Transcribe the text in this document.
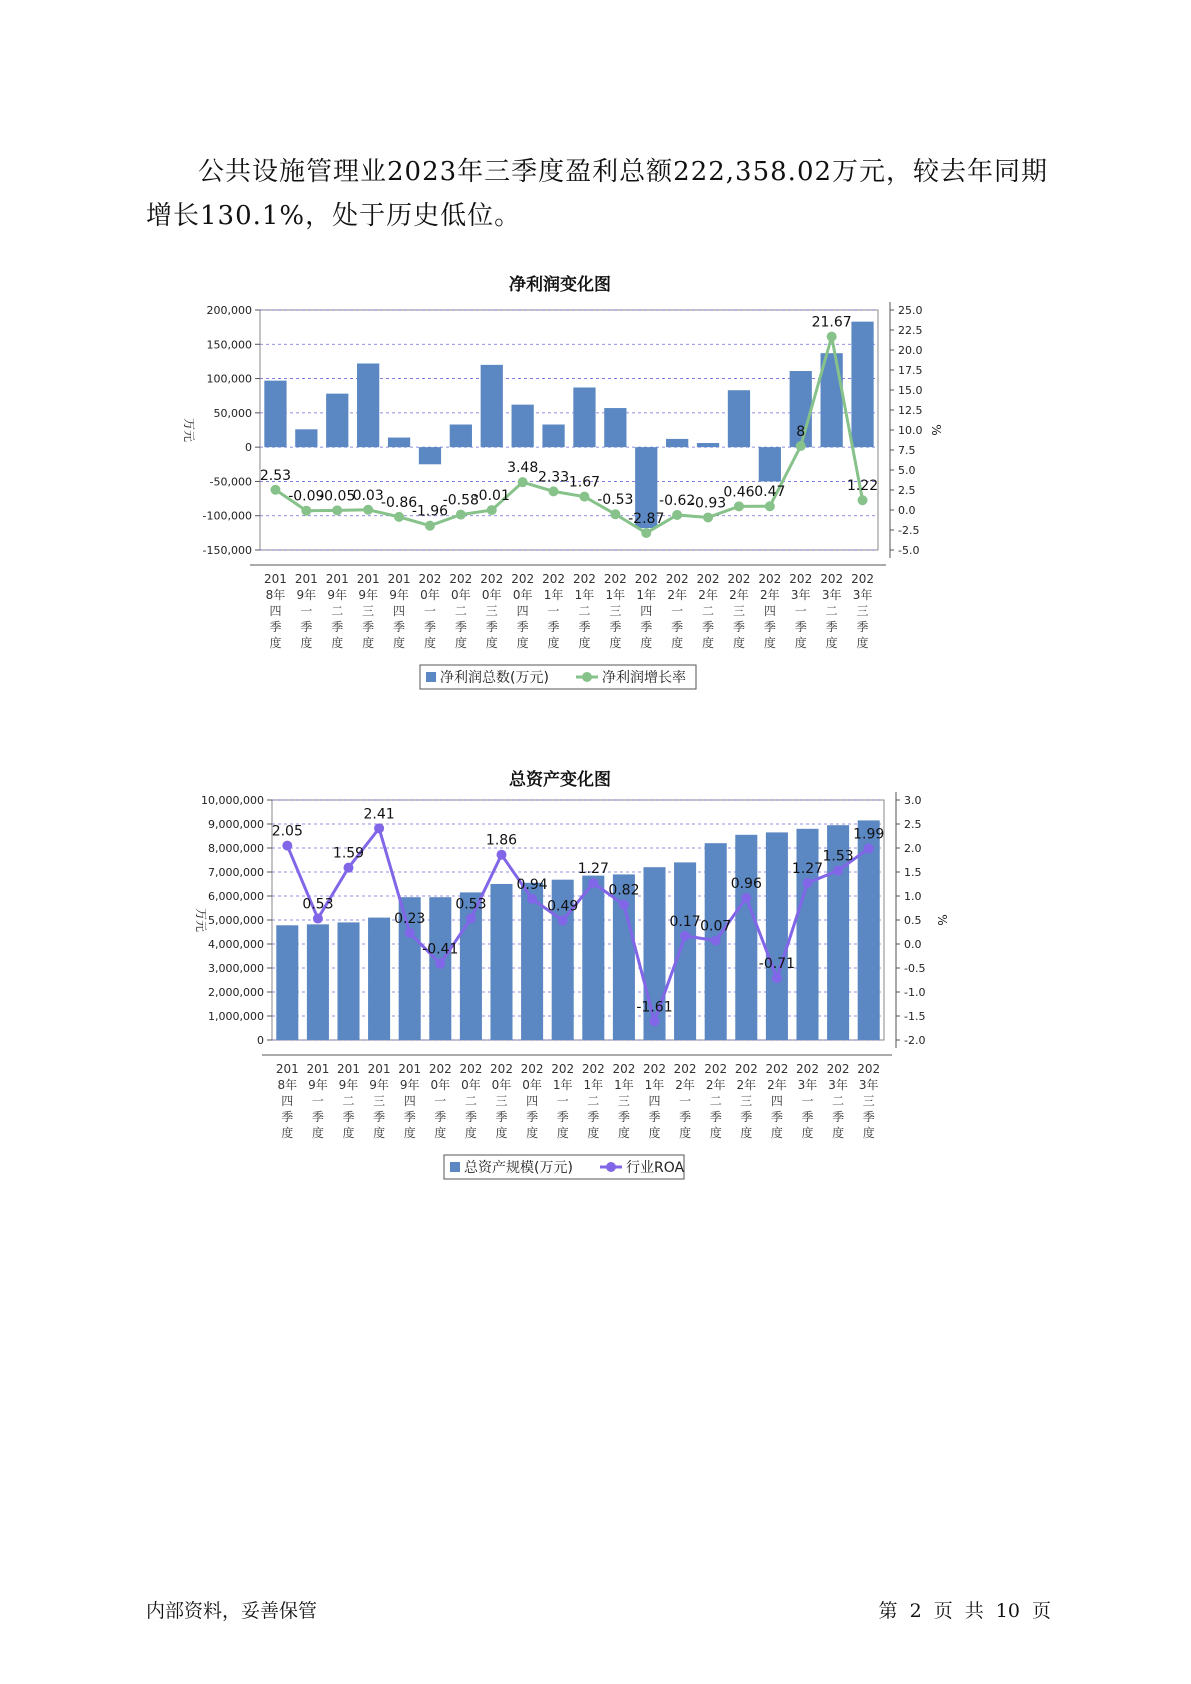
公共设施管理业2023年三季度盈利总额222,358.02万元，较去年同期增长130.1%，处于历史低位。
净利润变化图
200,000
150,000
100,000
50,000
0
-50,000
-100,000
-150,000
25.0
22.5
20.0
17.5
15.0
12.5
10.0
7.5
5.0
2.5
0.0
-2.5
-5.0
万元	%
2.53
-0.09
-0.05
0.03
-0.86
-1.96
-0.58
-0.01
3.48
2.33 1.67
-0.53
-2.87
-0.62
-0.93
0.46 0.47
8
21.67
1.22
201 8年四季度
201 9年一季度
201 9年二季度
201 9年三季度
201 9年四季度
202 0年一季度
202 0年二季度
202 0年三季度
202 0年四季度
202 1年一季度
202 1年二季度
202 1年三季度
202 1年四季度
202 2年一季度
202 2年二季度
202 2年三季度
202 2年四季度
202 3年一季度
202 3年二季度
202 3年三季度
净利润总数(万元)	净利润增长率
总资产变化图
10,000,000
9,000,000
8,000,000
7,000,000
6,000,000
5,000,000
4,000,000
3,000,000
2,000,000
1,000,000
0
3.0
2.5
2.0
1.5
1.0
0.5
0.0
-0.5
-1.0
-1.5
-2.0
万元	%
2.05
0.53
1.59
2.41
0.23
-0.41
0.53
1.86
0.94
0.49
1.27
0.82
-1.61
0.17 0.07
0.96
-0.71
1.27
1.53
1.99
201 8年四季度
201 9年一季度
201 9年二季度
201 9年三季度
201 9年四季度
202 0年一季度
202 0年二季度
202 0年三季度
202 0年四季度
202 1年一季度
202 1年二季度
202 1年三季度
202 1年四季度
202 2年一季度
202 2年二季度
202 2年三季度
202 2年四季度
202 3年一季度
202 3年二季度
202 3年三季度
总资产规模(万元)	行业ROA
内部资料，妥善保管	第 2 页 共 10 页
